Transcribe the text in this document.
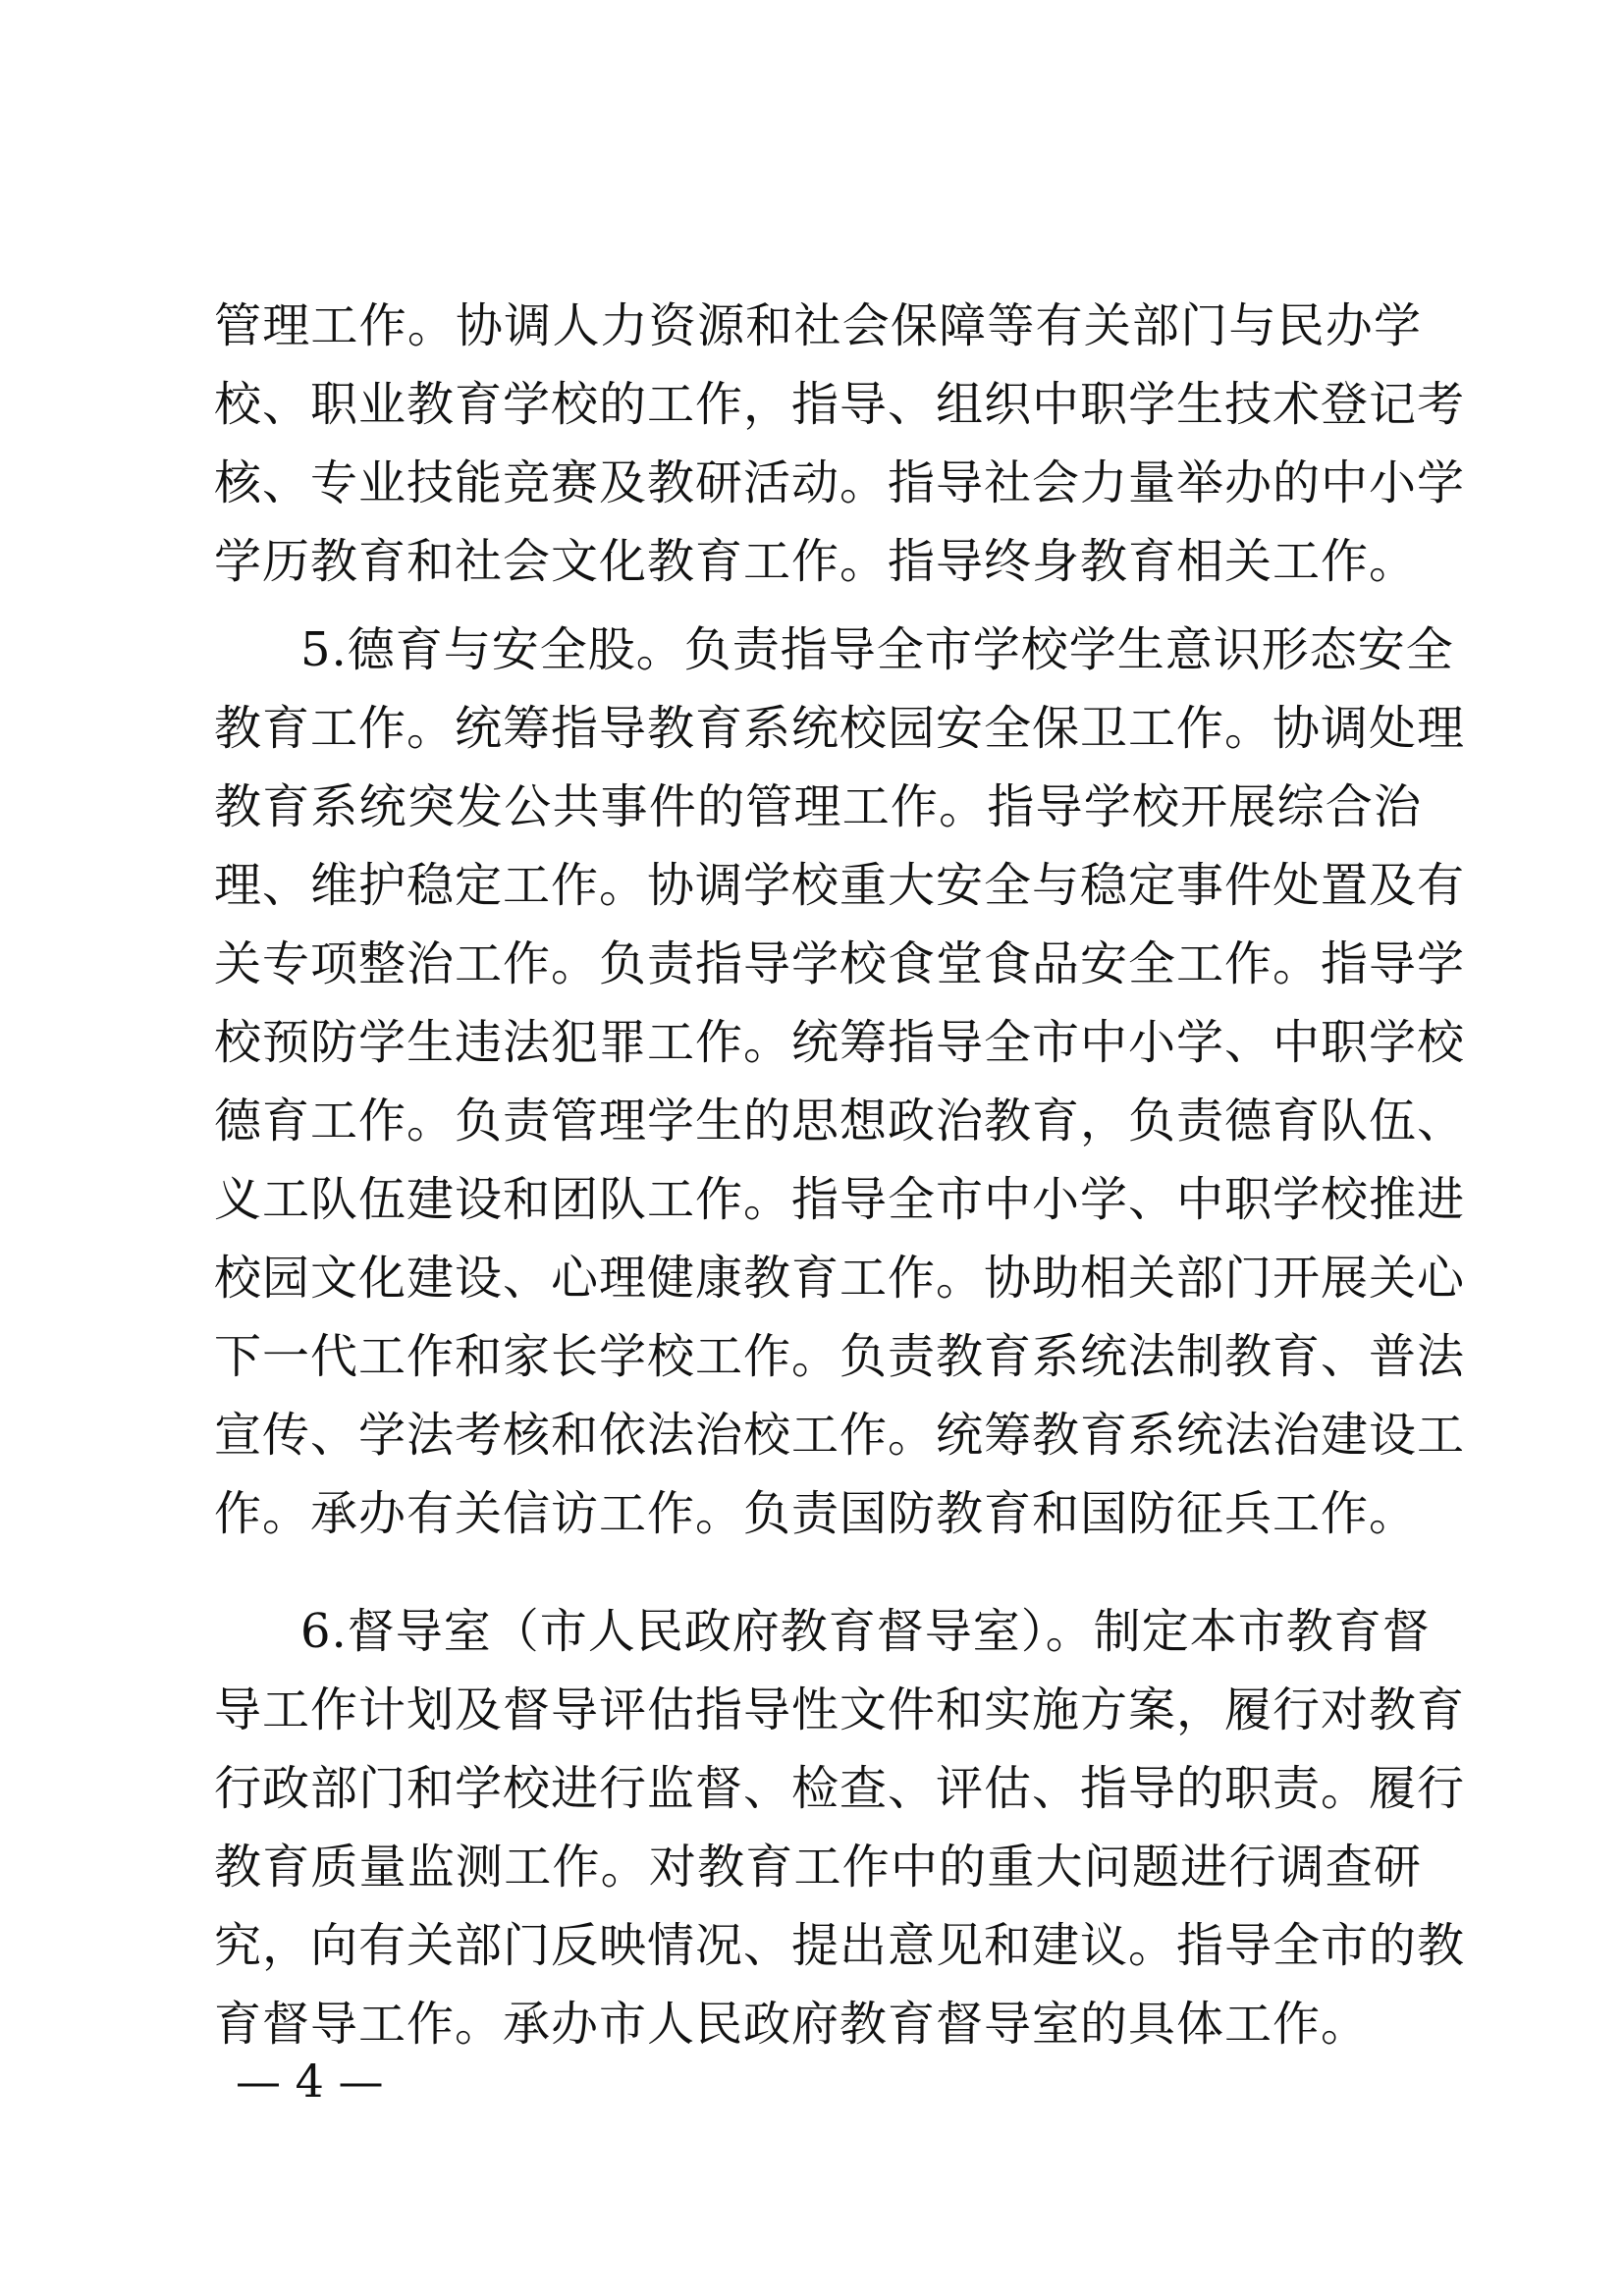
管理工作。协调人力资源和社会保障等有关部门与民办学
校、职业教育学校的工作，指导、组织中职学生技术登记考
核、专业技能竞赛及教研活动。指导社会力量举办的中小学
学历教育和社会文化教育工作。指导终身教育相关工作。
5.德育与安全股。负责指导全市学校学生意识形态安全
教育工作。统筹指导教育系统校园安全保卫工作。协调处理
教育系统突发公共事件的管理工作。指导学校开展综合治
理、维护稳定工作。协调学校重大安全与稳定事件处置及有
关专项整治工作。负责指导学校食堂食品安全工作。指导学
校预防学生违法犯罪工作。统筹指导全市中小学、中职学校
德育工作。负责管理学生的思想政治教育，负责德育队伍、
义工队伍建设和团队工作。指导全市中小学、中职学校推进
校园文化建设、心理健康教育工作。协助相关部门开展关心
下一代工作和家长学校工作。负责教育系统法制教育、普法
宣传、学法考核和依法治校工作。统筹教育系统法治建设工
作。承办有关信访工作。负责国防教育和国防征兵工作。
6.督导室（市人民政府教育督导室）。制定本市教育督
导工作计划及督导评估指导性文件和实施方案，履行对教育
行政部门和学校进行监督、检查、评估、指导的职责。履行
教育质量监测工作。对教育工作中的重大问题进行调查研
究，向有关部门反映情况、提出意见和建议。指导全市的教
育督导工作。承办市人民政府教育督导室的具体工作。
— 4 —
